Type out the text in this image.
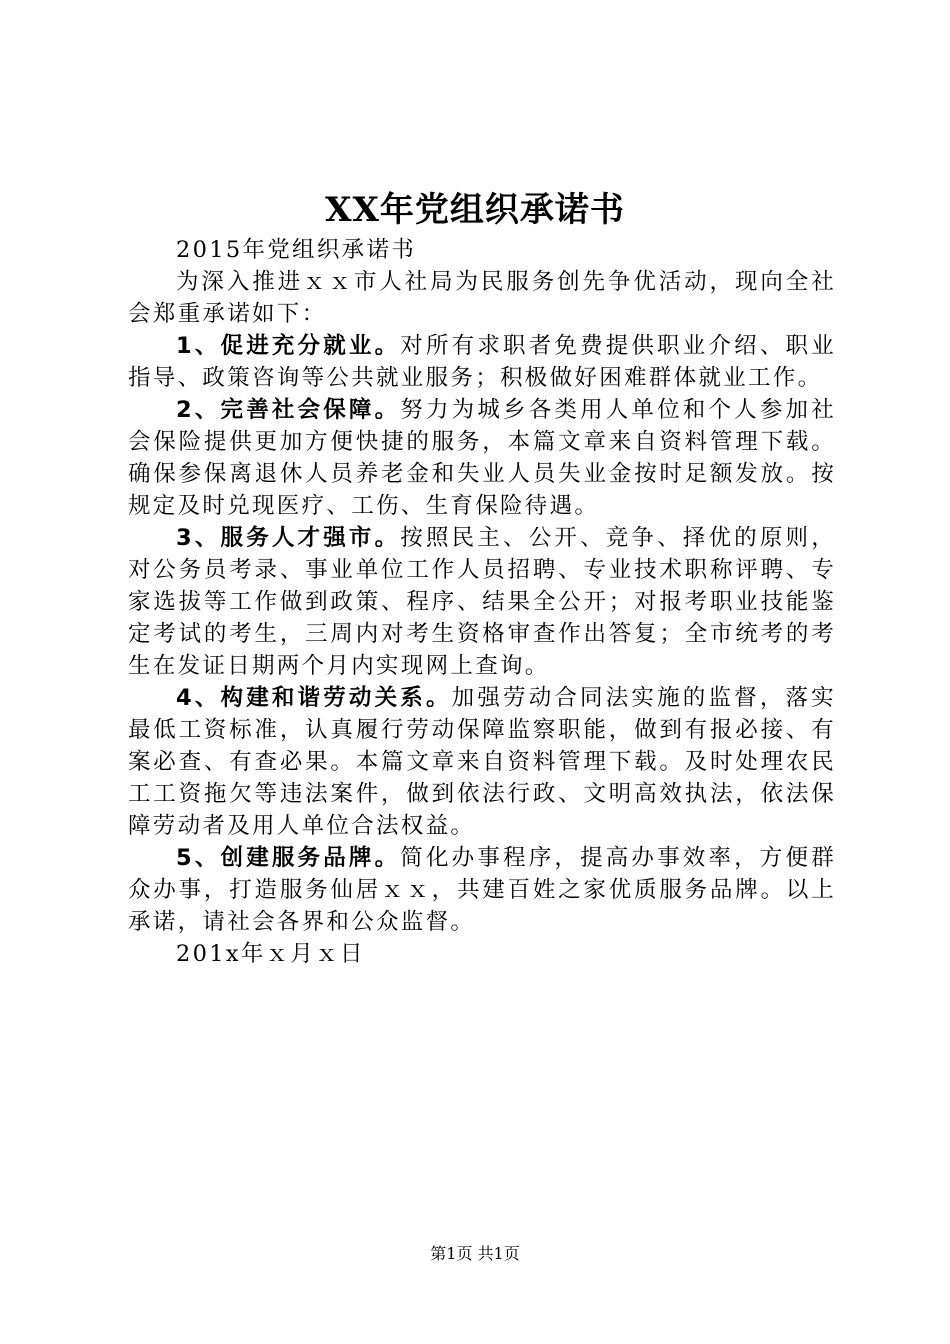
XX年党组织承诺书

2015年党组织承诺书

为深入推进ｘｘ市人社局为民服务创先争优活动，现向全社会郑重承诺如下：

1、促进充分就业。对所有求职者免费提供职业介绍、职业指导、政策咨询等公共就业服务；积极做好困难群体就业工作。

2、完善社会保障。努力为城乡各类用人单位和个人参加社会保险提供更加方便快捷的服务，本篇文章来自资料管理下载。确保参保离退休人员养老金和失业人员失业金按时足额发放。按规定及时兑现医疗、工伤、生育保险待遇。

3、服务人才强市。按照民主、公开、竞争、择优的原则，对公务员考录、事业单位工作人员招聘、专业技术职称评聘、专家选拔等工作做到政策、程序、结果全公开；对报考职业技能鉴定考试的考生，三周内对考生资格审查作出答复；全市统考的考生在发证日期两个月内实现网上查询。

4、构建和谐劳动关系。加强劳动合同法实施的监督，落实最低工资标准，认真履行劳动保障监察职能，做到有报必接、有案必查、有查必果。本篇文章来自资料管理下载。及时处理农民工工资拖欠等违法案件，做到依法行政、文明高效执法，依法保障劳动者及用人单位合法权益。

5、创建服务品牌。简化办事程序，提高办事效率，方便群众办事，打造服务仙居ｘｘ，共建百姓之家优质服务品牌。以上承诺，请社会各界和公众监督。

201x年ｘ月ｘ日

第1页 共1页
